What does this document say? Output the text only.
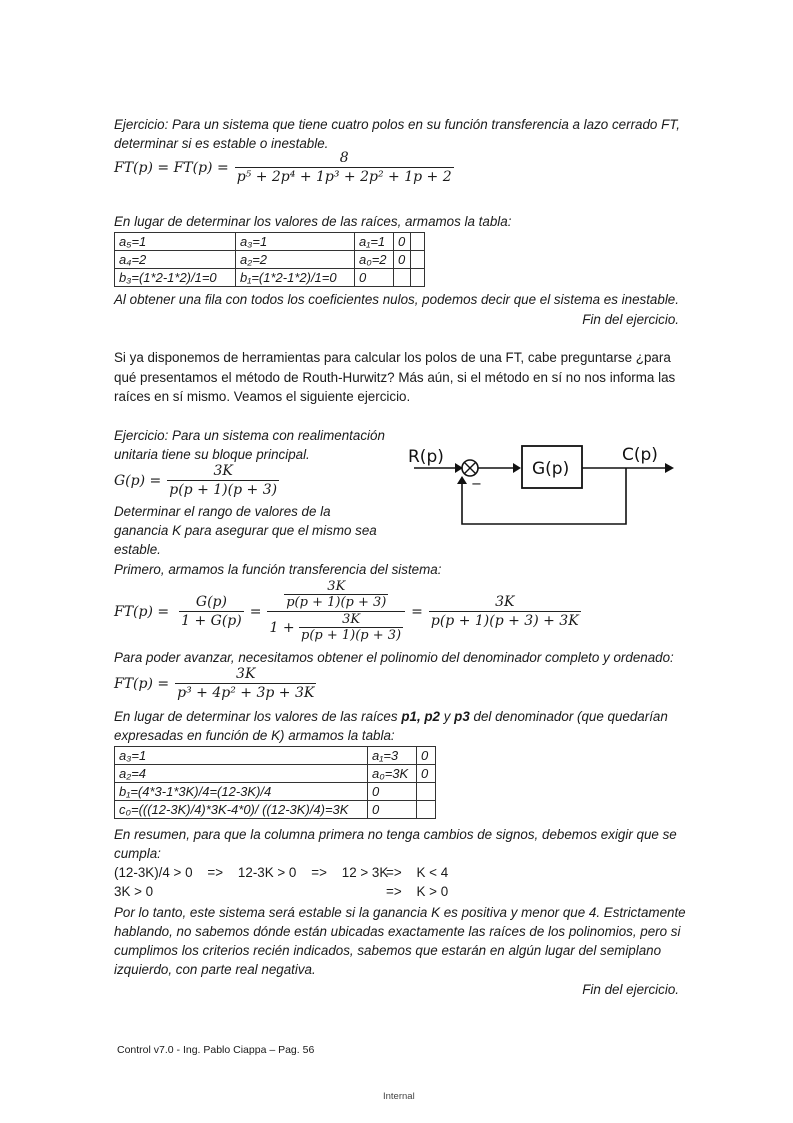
Ejercicio: Para un sistema que tiene cuatro polos en su función transferencia a lazo cerrado FT,
determinar si es estable o inestable.
$FT(p) = FT(p) = \frac{8}{\text{p⁵ + 2p⁴ + 1p³ + 2p² + 1p + 2}}$
En lugar de determinar los valores de las raíces, armamos la tabla:
a₅=1	a₃=1	a₁=1	0	
a₄=2	a₂=2	a₀=2	0	
b₃=(1*2-1*2)/1=0	b₁=(1*2-1*2)/1=0	0		
Al obtener una fila con todos los coeficientes nulos, podemos decir que el sistema es inestable.
Fin del ejercicio.
Si ya disponemos de herramientas para calcular los polos de una FT, cabe preguntarse ¿para
qué presentamos el método de Routh-Hurwitz? Más aún, si el método en sí no nos informa las
raíces en sí mismo. Veamos el siguiente ejercicio.
Ejercicio: Para un sistema con realimentación
unitaria tiene su bloque principal.
$G(p) = \frac{3K}{p(p + 1)(p + 3)}$
Determinar el rango de valores de la
ganancia K para asegurar que el mismo sea
estable.
Primero, armamos la función transferencia del sistema:
R(p)
G(p)
C(p)
−
$FT(p) = \frac{G(p)}{1 + G(p)} = \frac{\frac{3K}{p(p + 1)(p + 3)}}{1 + \frac{3K}{p(p + 1)(p + 3)}} = \frac{3K}{p(p + 1)(p + 3) + 3K}$
Para poder avanzar, necesitamos obtener el polinomio del denominador completo y ordenado:
$FT(p) = \frac{3K}{\text{p³ + 4p² + 3p + 3K}}$
En lugar de determinar los valores de las raíces p1, p2 y p3 del denominador (que quedarían
expresadas en función de K) armamos la tabla:
a₃=1	a₁=3	0
a₂=4	a₀=3K	0
b₁=(4*3-1*3K)/4=(12-3K)/4	0	
c₀=(((12-3K)/4)*3K-4*0)/ ((12-3K)/4)=3K	0	
En resumen, para que la columna primera no tenga cambios de signos, debemos exigir que se
cumpla:
(12-3K)/4 > 0    =>    12-3K > 0    =>    12 > 3K
=>    K < 4
3K > 0	=>    K > 0
Por lo tanto, este sistema será estable si la ganancia K es positiva y menor que 4. Estrictamente
hablando, no sabemos dónde están ubicadas exactamente las raíces de los polinomios, pero si
cumplimos los criterios recién indicados, sabemos que estarán en algún lugar del semiplano
izquierdo, con parte real negativa.
Fin del ejercicio.
Control v7.0 - Ing. Pablo Ciappa – Pag. 56
Internal
